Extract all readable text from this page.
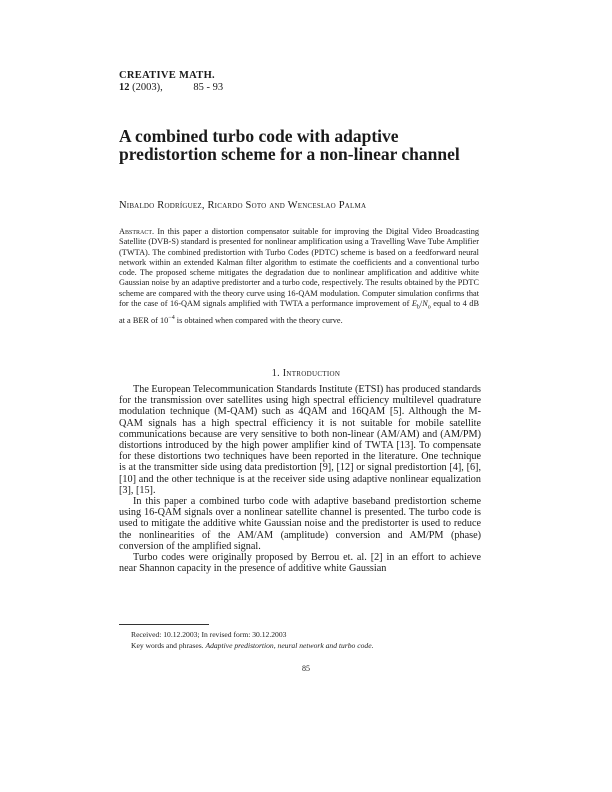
CREATIVE MATH.
12 (2003),	85 - 93
A combined turbo code with adaptive predistortion scheme for a non-linear channel
Nibaldo Rodríguez, Ricardo Soto and Wenceslao Palma

Abstract. In this paper a distortion compensator suitable for improving the Digital Video Broadcasting Satellite (DVB-S) standard is presented for nonlinear amplification using a Travelling Wave Tube Amplifier (TWTA). The combined predistortion with Turbo Codes (PDTC) scheme is based on a feedforward neural network within an extended Kalman filter algorithm to estimate the coefficients and a conventional turbo code. The proposed scheme mitigates the degradation due to nonlinear amplification and additive white Gaussian noise by an adaptive predistorter and a turbo code, respectively. The results obtained by the PDTC scheme are compared with the theory curve using 16-QAM modulation. Computer simulation confirms that for the case of 16-QAM signals amplified with TWTA a performance improvement of $E_b/N_o$ equal to 4 dB at a BER of $10^{-4}$ is obtained when compared with the theory curve.

1. Introduction

The European Telecommunication Standards Institute (ETSI) has produced standards for the transmission over satellites using high spectral efficiency multilevel quadrature modulation technique (M-QAM) such as 4QAM and 16QAM [5]. Although the M-QAM signals has a high spectral efficiency it is not suitable for mobile satellite communications because are very sensitive to both non-linear (AM/AM) and (AM/PM) distortions introduced by the high power amplifier kind of TWTA [13]. To compensate for these distortions two techniques have been reported in the literature. One technique is at the transmitter side using data predistortion [9], [12] or signal predistortion [4], [6], [10] and the other technique is at the receiver side using adaptive nonlinear equalization [3], [15].

In this paper a combined turbo code with adaptive baseband predistortion scheme using 16-QAM signals over a nonlinear satellite channel is presented. The turbo code is used to mitigate the additive white Gaussian noise and the predistorter is used to reduce the nonlinearities of the AM/AM (amplitude) conversion and AM/PM (phase) conversion of the amplified signal.

Turbo codes were originally proposed by Berrou et. al. [2] in an effort to achieve near Shannon capacity in the presence of additive white Gaussian

Received: 10.12.2003; In revised form: 30.12.2003
Key words and phrases. Adaptive predistortion, neural network and turbo code.
85
